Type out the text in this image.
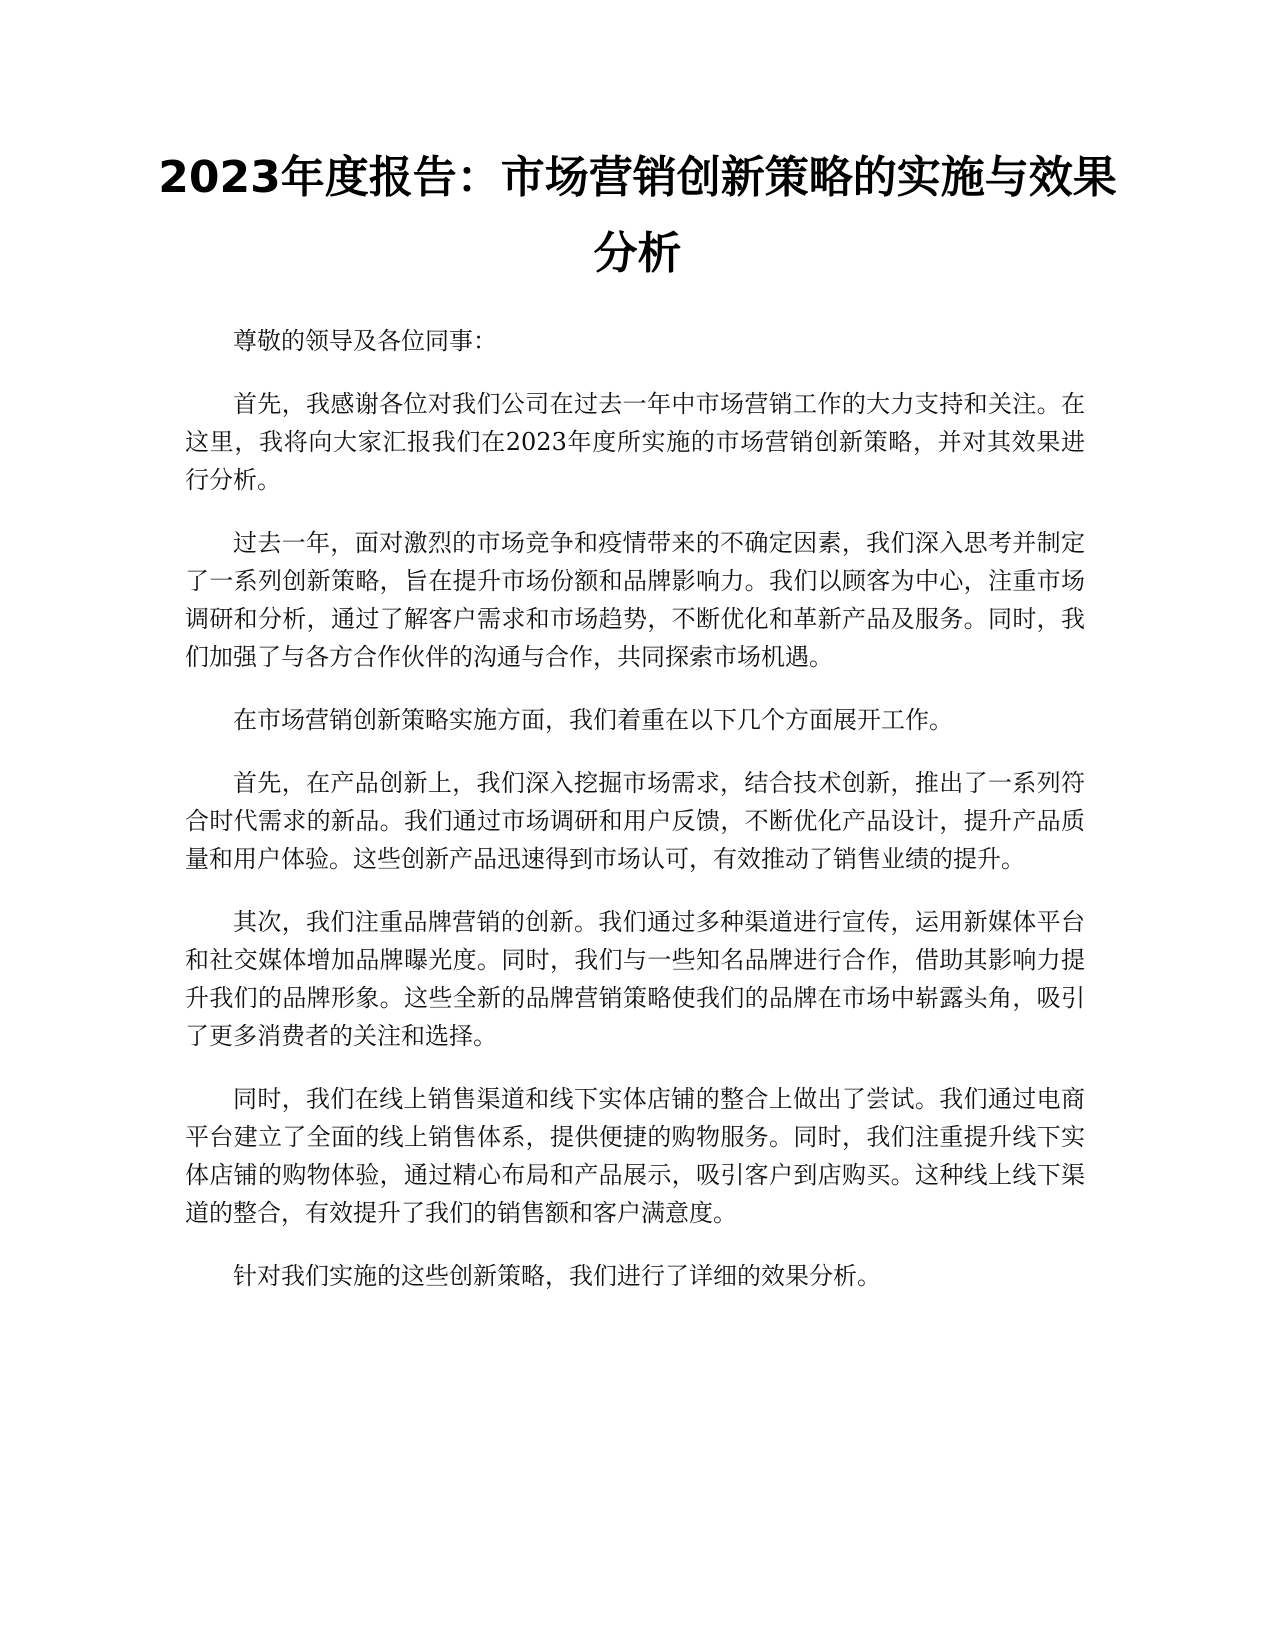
2023年度报告：市场营销创新策略的实施与效果分析

尊敬的领导及各位同事：

首先，我感谢各位对我们公司在过去一年中市场营销工作的大力支持和关注。在这里，我将向大家汇报我们在2023年度所实施的市场营销创新策略，并对其效果进行分析。

过去一年，面对激烈的市场竞争和疫情带来的不确定因素，我们深入思考并制定了一系列创新策略，旨在提升市场份额和品牌影响力。我们以顾客为中心，注重市场调研和分析，通过了解客户需求和市场趋势，不断优化和革新产品及服务。同时，我们加强了与各方合作伙伴的沟通与合作，共同探索市场机遇。

在市场营销创新策略实施方面，我们着重在以下几个方面展开工作。

首先，在产品创新上，我们深入挖掘市场需求，结合技术创新，推出了一系列符合时代需求的新品。我们通过市场调研和用户反馈，不断优化产品设计，提升产品质量和用户体验。这些创新产品迅速得到市场认可，有效推动了销售业绩的提升。

其次，我们注重品牌营销的创新。我们通过多种渠道进行宣传，运用新媒体平台和社交媒体增加品牌曝光度。同时，我们与一些知名品牌进行合作，借助其影响力提升我们的品牌形象。这些全新的品牌营销策略使我们的品牌在市场中崭露头角，吸引了更多消费者的关注和选择。

同时，我们在线上销售渠道和线下实体店铺的整合上做出了尝试。我们通过电商平台建立了全面的线上销售体系，提供便捷的购物服务。同时，我们注重提升线下实体店铺的购物体验，通过精心布局和产品展示，吸引客户到店购买。这种线上线下渠道的整合，有效提升了我们的销售额和客户满意度。

针对我们实施的这些创新策略，我们进行了详细的效果分析。
